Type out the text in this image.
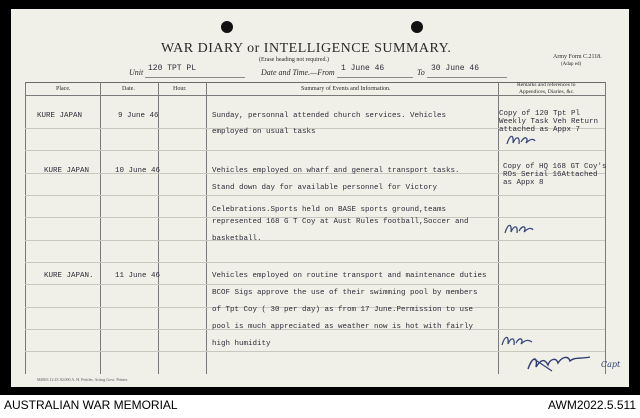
WAR DIARY or INTELLIGENCE SUMMARY.
(Erase heading not required.)	Army Form C.2118.
(Adap ed)
Unit 120 TPT PL	Date and Time.—From 1 June 46	To 30 June 46
Place.	Date.	Hour.	Summary of Events and Information.
Remarks and references to
Appendices, Diaries, &c.
KURE JAPAN	9 June 46	Sunday, personnal attended church services. Vehicles
employed on usual tasks
Copy of 120 Tpt Pl
Weekly Task Veh Return
attached as Appx 7
KURE JAPAN	10 June 46	Vehicles employed on wharf and general transport tasks.
Stand down day for available personnel for Victory
Celebrations.Sports held on BASE sports ground,teams
represented 168 G T Coy at Aust Rules football,Soccer and
basketball.
Copy of HQ 168 GT Coy's
ROs Serial 16Attached
as Appx 8
KURE JAPAN.	11 June 46	Vehicles employed on routine transport and maintenance duties
BCOF Sigs approve the use of their swimming pool by members
of Tpt Coy ( 30 per day) as from 17 June.Permission to use
pool is much appreciated as weather now is hot with fairly
high humidity
Capt
M4863 12.43 30,000 A. H. Pettifer, Acting Govt. Printer.
AUSTRALIAN WAR MEMORIAL	AWM2022.5.511
